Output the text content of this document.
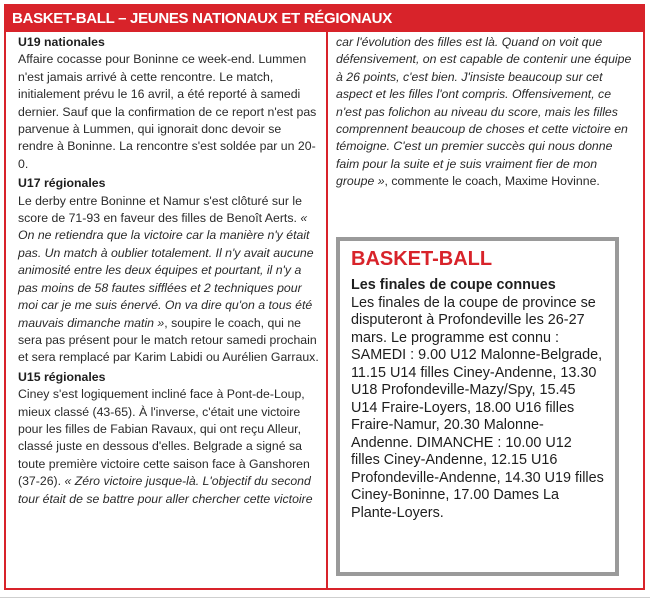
BASKET-BALL – JEUNES NATIONAUX ET RÉGIONAUX

U19 nationales

Affaire cocasse pour Boninne ce week-end. Lummen n'est jamais arrivé à cette rencontre. Le match, initialement prévu le 16 avril, a été reporté à samedi dernier. Sauf que la confirmation de ce report n'est pas parvenue à Lummen, qui ignorait donc devoir se rendre à Boninne. La rencontre s'est soldée par un 20-0.

U17 régionales

Le derby entre Boninne et Namur s'est clôturé sur le score de 71-93 en faveur des filles de Benoît Aerts. « On ne retiendra que la victoire car la manière n'y était pas. Un match à oublier totalement. Il n'y avait aucune animosité entre les deux équipes et pourtant, il n'y a pas moins de 58 fautes sifflées et 2 techniques pour moi car je me suis énervé. On va dire qu'on a tous été mauvais dimanche matin », soupire le coach, qui ne sera pas présent pour le match retour samedi prochain et sera remplacé par Karim Labidi ou Aurélien Garraux.

U15 régionales

Ciney s'est logiquement incliné face à Pont-de-Loup, mieux classé (43-65). À l'inverse, c'était une victoire pour les filles de Fabian Ravaux, qui ont reçu Alleur, classé juste en dessous d'elles. Belgrade a signé sa toute première victoire cette saison face à Ganshoren (37-26). « Zéro victoire jusque-là. L'objectif du second tour était de se battre pour aller chercher cette victoire

car l'évolution des filles est là. Quand on voit que défensivement, on est capable de contenir une équipe à 26 points, c'est bien. J'insiste beaucoup sur cet aspect et les filles l'ont compris. Offensivement, ce n'est pas folichon au niveau du score, mais les filles comprennent beaucoup de choses et cette victoire en témoigne. C'est un premier succès qui nous donne faim pour la suite et je suis vraiment fier de mon groupe », commente le coach, Maxime Hovinne.

BASKET-BALL

Les finales de coupe connues

Les finales de la coupe de province se disputeront à Profondeville les 26-27 mars. Le programme est connu : SAMEDI : 9.00 U12 Malonne-Belgrade, 11.15 U14 filles Ciney-Andenne, 13.30 U18 Profondeville-Mazy/Spy, 15.45 U14 Fraire-Loyers, 18.00 U16 filles Fraire-Namur, 20.30 Malonne-Andenne. DIMANCHE : 10.00 U12 filles Ciney-Andenne, 12.15 U16 Profondeville-Andenne, 14.30 U19 filles Ciney-Boninne, 17.00 Dames La Plante-Loyers.
